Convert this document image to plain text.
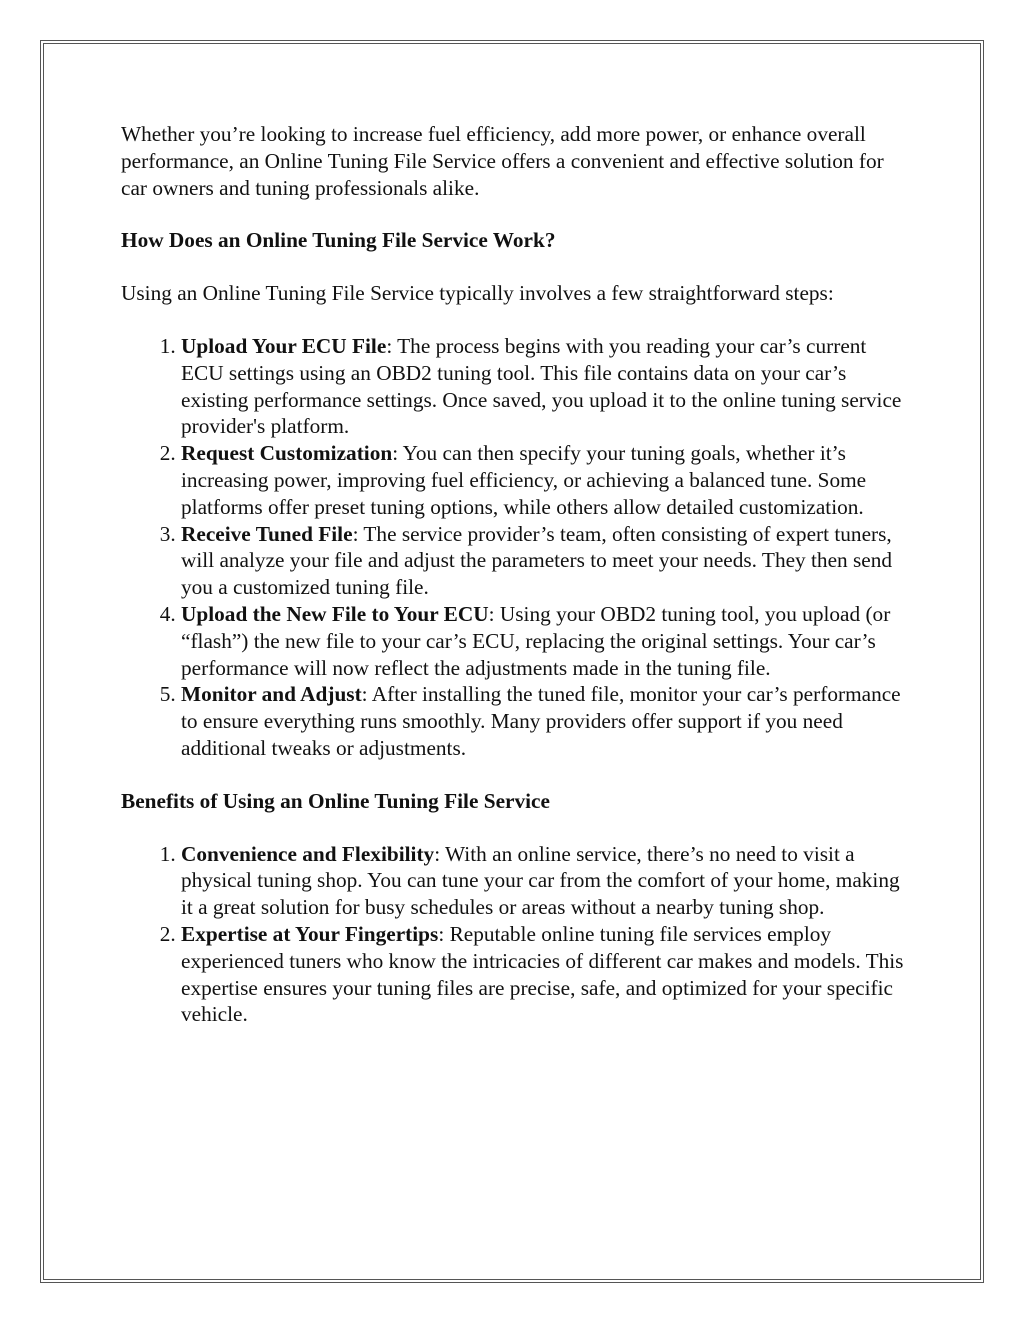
Whether you’re looking to increase fuel efficiency, add more power, or enhance overall performance, an Online Tuning File Service offers a convenient and effective solution for car owners and tuning professionals alike.

How Does an Online Tuning File Service Work?

Using an Online Tuning File Service typically involves a few straightforward steps:

1. Upload Your ECU File: The process begins with you reading your car’s current ECU settings using an OBD2 tuning tool. This file contains data on your car’s existing performance settings. Once saved, you upload it to the online tuning service provider's platform.
2. Request Customization: You can then specify your tuning goals, whether it’s increasing power, improving fuel efficiency, or achieving a balanced tune. Some platforms offer preset tuning options, while others allow detailed customization.
3. Receive Tuned File: The service provider’s team, often consisting of expert tuners, will analyze your file and adjust the parameters to meet your needs. They then send you a customized tuning file.
4. Upload the New File to Your ECU: Using your OBD2 tuning tool, you upload (or “flash”) the new file to your car’s ECU, replacing the original settings. Your car’s performance will now reflect the adjustments made in the tuning file.
5. Monitor and Adjust: After installing the tuned file, monitor your car’s performance to ensure everything runs smoothly. Many providers offer support if you need additional tweaks or adjustments.

Benefits of Using an Online Tuning File Service

1. Convenience and Flexibility: With an online service, there’s no need to visit a physical tuning shop. You can tune your car from the comfort of your home, making it a great solution for busy schedules or areas without a nearby tuning shop.
2. Expertise at Your Fingertips: Reputable online tuning file services employ experienced tuners who know the intricacies of different car makes and models. This expertise ensures your tuning files are precise, safe, and optimized for your specific vehicle.
